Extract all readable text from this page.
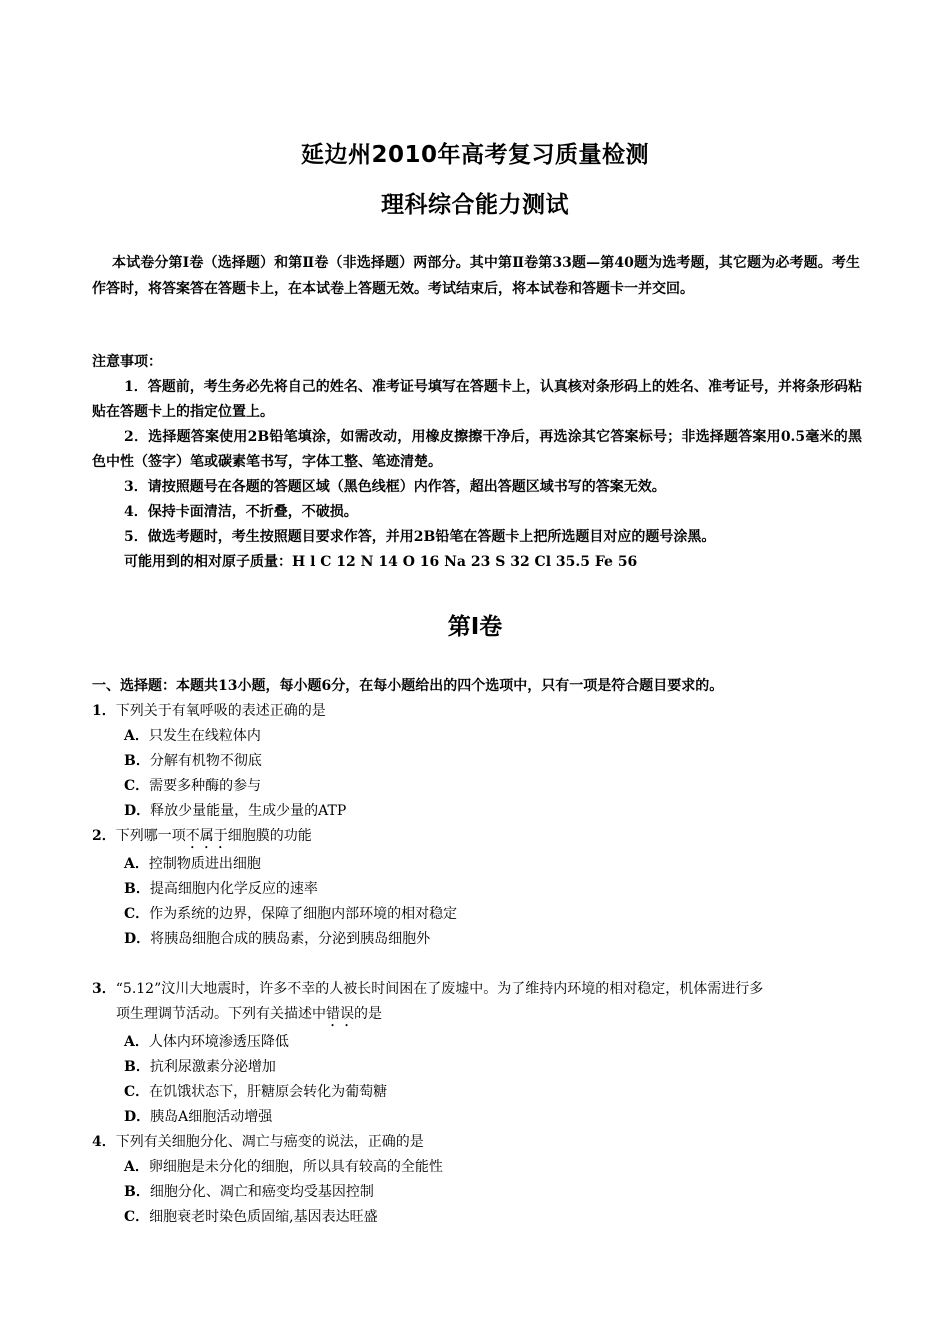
延边州2010年高考复习质量检测
理科综合能力测试

本试卷分第Ⅰ卷（选择题）和第Ⅱ卷（非选择题）两部分。其中第Ⅱ卷第33题—第40题为选考题，其它题为必考题。考生作答时，将答案答在答题卡上，在本试卷上答题无效。考试结束后，将本试卷和答题卡一并交回。

注意事项：

1．答题前，考生务必先将自己的姓名、准考证号填写在答题卡上，认真核对条形码上的姓名、准考证号，并将条形码粘贴在答题卡上的指定位置上。

2．选择题答案使用2B铅笔填涂，如需改动，用橡皮擦擦干净后，再选涂其它答案标号；非选择题答案用0.5毫米的黑色中性（签字）笔或碳素笔书写，字体工整、笔迹清楚。

3．请按照题号在各题的答题区域（黑色线框）内作答，超出答题区域书写的答案无效。

4．保持卡面清洁，不折叠，不破损。

5．做选考题时，考生按照题目要求作答，并用2B铅笔在答题卡上把所选题目对应的题号涂黑。

可能用到的相对原子质量：H l C 12 N 14 O 16 Na 23 S 32 Cl 35.5 Fe 56

第Ⅰ卷

一、选择题：本题共13小题，每小题6分，在每小题给出的四个选项中，只有一项是符合题目要求的。

1．下列关于有氧呼吸的表述正确的是

A．只发生在线粒体内

B．分解有机物不彻底

C．需要多种酶的参与

D．释放少量能量，生成少量的ATP

2．下列哪一项不属于细胞膜的功能

A．控制物质进出细胞

B．提高细胞内化学反应的速率

C．作为系统的边界，保障了细胞内部环境的相对稳定

D．将胰岛细胞合成的胰岛素，分泌到胰岛细胞外

3．“5.12”汶川大地震时，许多不幸的人被长时间困在了废墟中。为了维持内环境的相对稳定，机体需进行多项生理调节活动。下列有关描述中错误的是

A．人体内环境渗透压降低

B．抗利尿激素分泌增加

C．在饥饿状态下，肝糖原会转化为葡萄糖

D．胰岛A细胞活动增强

4．下列有关细胞分化、凋亡与癌变的说法，正确的是

A．卵细胞是未分化的细胞，所以具有较高的全能性

B．细胞分化、凋亡和癌变均受基因控制

C．细胞衰老时染色质固缩,基因表达旺盛
